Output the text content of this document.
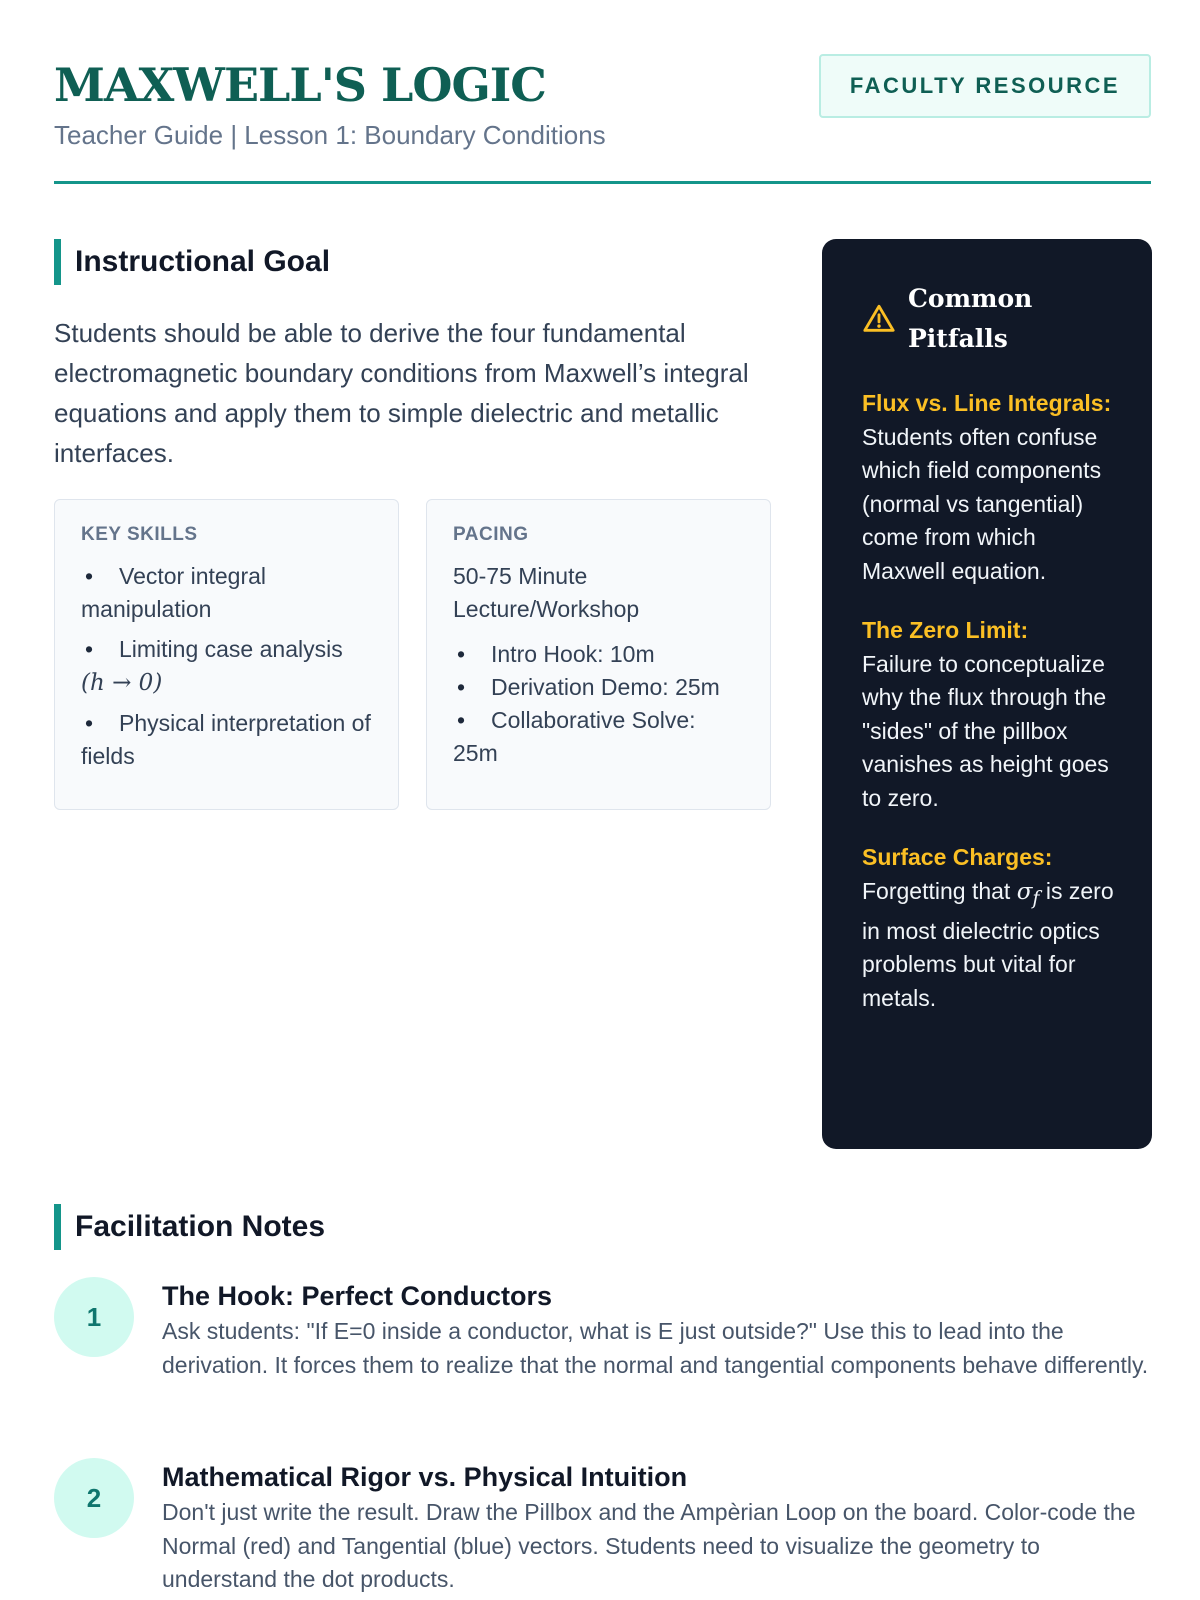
MAXWELL'S LOGIC
Teacher Guide | Lesson 1: Boundary Conditions
FACULTY RESOURCE
Instructional Goal

Students should be able to derive the four fundamental electromagnetic boundary conditions from Maxwell’s integral equations and apply them to simple dielectric and metallic interfaces.

KEY SKILLS
• Vector integral manipulation
• Limiting case analysis
(h → 0)
• Physical interpretation of fields
PACING
50-75 Minute Lecture/Workshop
• Intro Hook: 10m
• Derivation Demo: 25m
• Collaborative Solve: 25m
Common Pitfalls
Flux vs. Line Integrals:
Students often confuse which field components (normal vs tangential) come from which Maxwell equation.
The Zero Limit:
Failure to conceptualize why the flux through the "sides" of the pillbox vanishes as height goes to zero.
Surface Charges:
Forgetting that $\sigma_f$ is zero in most dielectric optics problems but vital for metals.
Facilitation Notes
1
The Hook: Perfect Conductors
Ask students: "If E=0 inside a conductor, what is E just outside?" Use this to lead into the derivation. It forces them to realize that the normal and tangential components behave differently.
2
Mathematical Rigor vs. Physical Intuition
Don't just write the result. Draw the Pillbox and the Ampèrian Loop on the board. Color-code the Normal (red) and Tangential (blue) vectors. Students need to visualize the geometry to understand the dot products.
